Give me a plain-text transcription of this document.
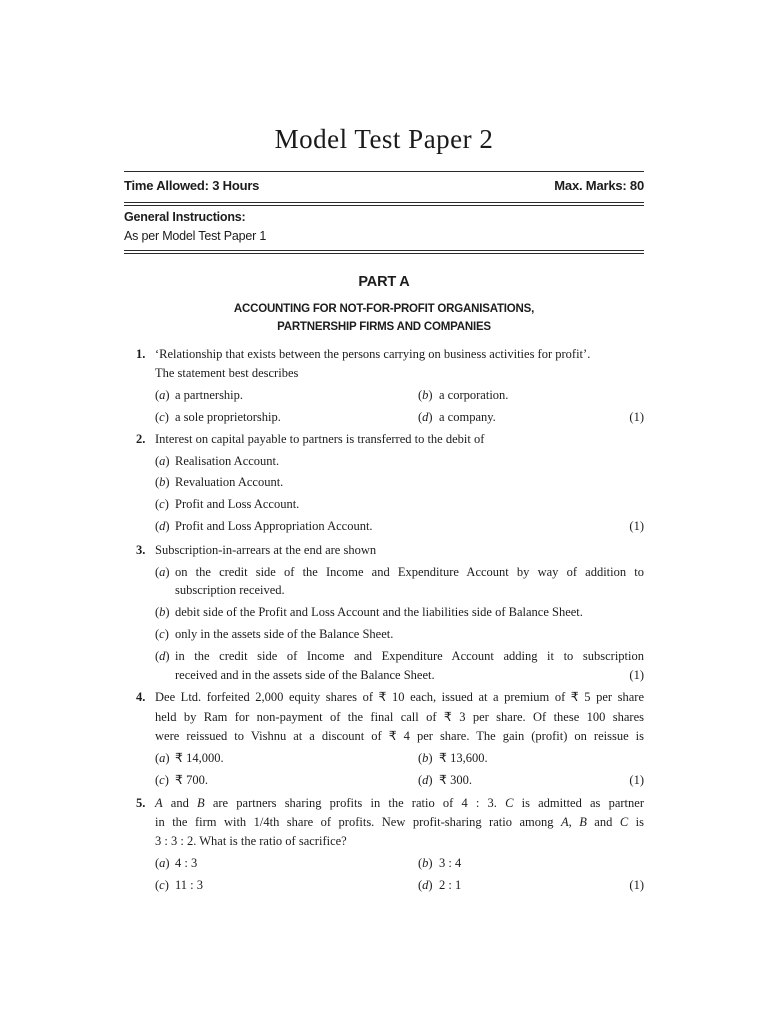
Model Test Paper 2
Time Allowed: 3 Hours	Max. Marks: 80
General Instructions:
As per Model Test Paper 1
PART A
ACCOUNTING FOR NOT-FOR-PROFIT ORGANISATIONS,
PARTNERSHIP FIRMS AND COMPANIES
1. ‘Relationship that exists between the persons carrying on business activities for profit’.
The statement best describes
( a ) a partnership.	( b ) a corporation.
( c ) a sole proprietorship.	( d ) a company.	(1)
2. Interest on capital payable to partners is transferred to the debit of
( a ) Realisation Account.
( b ) Revaluation Account.
( c ) Profit and Loss Account.
( d ) Profit and Loss Appropriation Account.	(1)
3. Subscription-in-arrears at the end are shown
( a ) on the credit side of the Income and Expenditure Account by way of addition to
subscription received.
( b ) debit side of the Profit and Loss Account and the liabilities side of Balance Sheet.
( c ) only in the assets side of the Balance Sheet.
( d ) in the credit side of Income and Expenditure Account adding it to subscription
received and in the assets side of the Balance Sheet.	(1)
4. Dee Ltd. forfeited 2,000 equity shares of ₹ 10 each, issued at a premium of ₹ 5 per share
held by Ram for non-payment of the final call of ₹ 3 per share. Of these 100 shares
were reissued to Vishnu at a discount of ₹ 4 per share. The gain (profit) on reissue is
( a ) ₹ 14,000.	( b ) ₹ 13,600.
( c ) ₹ 700.	( d ) ₹ 300.	(1)
5. A and B are partners sharing profits in the ratio of 4 : 3. C is admitted as partner
in the firm with 1/4th share of profits. New profit-sharing ratio among A, B and C is
3 : 3 : 2. What is the ratio of sacrifice?
( a ) 4 : 3	( b ) 3 : 4
( c ) 11 : 3	( d ) 2 : 1	(1)
